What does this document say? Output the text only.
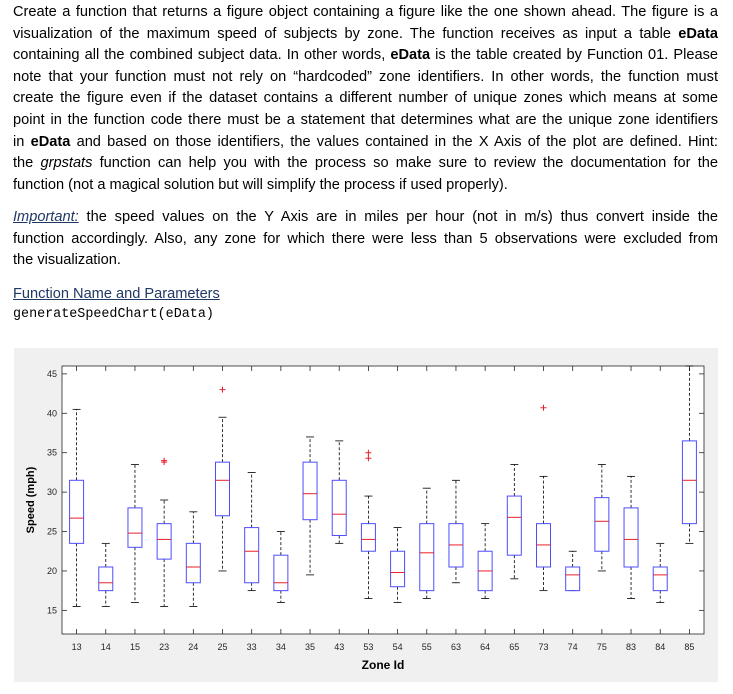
Create a function that returns a figure object containing a figure like the one shown ahead. The figure is a
visualization of the maximum speed of subjects by zone. The function receives as input a table eData
containing all the combined subject data. In other words, eData is the table created by Function 01. Please
note that your function must not rely on “hardcoded” zone identifiers. In other words, the function must
create the figure even if the dataset contains a different number of unique zones which means at some
point in the function code there must be a statement that determines what are the unique zone identifiers
in eData and based on those identifiers, the values contained in the X Axis of the plot are defined. Hint:
the grpstats function can help you with the process so make sure to review the documentation for the
function (not a magical solution but will simplify the process if used properly).

Important: the speed values on the Y Axis are in miles per hour (not in m/s) thus convert inside the
function accordingly. Also, any zone for which there were less than 5 observations were excluded from
the visualization.

Function Name and Parameters

generateSpeedChart(eData)

15
20
25
30
35
40
45
13 14 15 23 24 25 33 34 35 43 53 54 55 63 64 65 73 74 75 83 84 85
Speed (mph)
Zone Id
